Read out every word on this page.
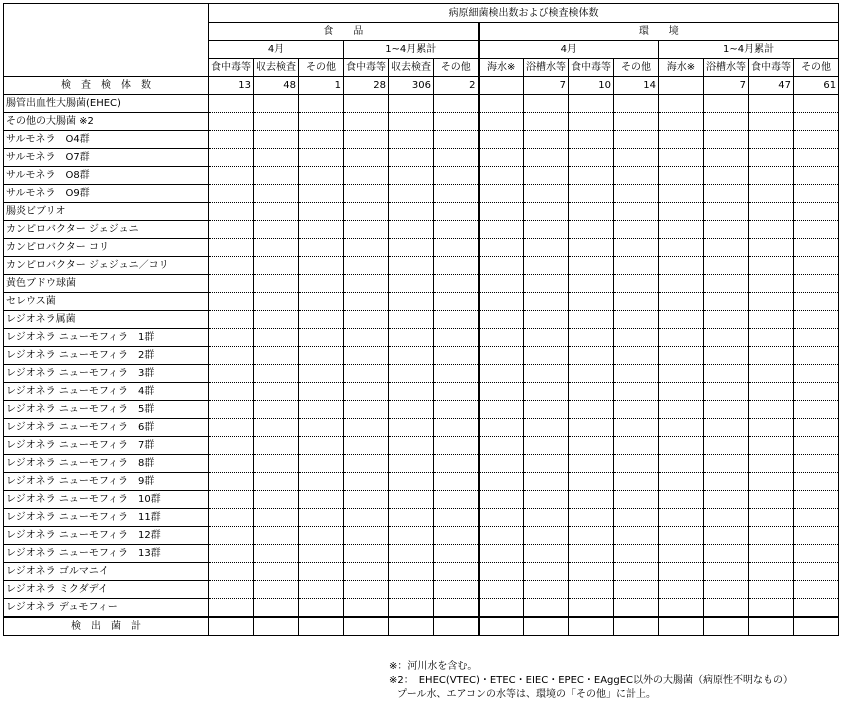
	病原細菌検出数および検査検体数													
	食　　品						環　　境							
	4月			1~4月累計			4月				1~4月累計			
	食中毒等	収去検査	その他	食中毒等	収去検査	その他	海水※	浴槽水等	食中毒等	その他	海水※	浴槽水等	食中毒等	その他
検　査　検　体　数	13	48	1	28	306	2		7	10	14		7	47	61
腸管出血性大腸菌(EHEC)														
その他の大腸菌 ※2														
サルモネラ　O4群														
サルモネラ　O7群														
サルモネラ　O8群														
サルモネラ　O9群														
腸炎ビブリオ														
カンピロバクター ジェジュニ														
カンピロバクター コリ														
カンピロバクター ジェジュニ／コリ														
黄色ブドウ球菌														
セレウス菌														
レジオネラ属菌														
レジオネラ ニューモフィラ　1群														
レジオネラ ニューモフィラ　2群														
レジオネラ ニューモフィラ　3群														
レジオネラ ニューモフィラ　4群														
レジオネラ ニューモフィラ　5群														
レジオネラ ニューモフィラ　6群														
レジオネラ ニューモフィラ　7群														
レジオネラ ニューモフィラ　8群														
レジオネラ ニューモフィラ　9群														
レジオネラ ニューモフィラ　10群														
レジオネラ ニューモフィラ　11群														
レジオネラ ニューモフィラ　12群														
レジオネラ ニューモフィラ　13群														
レジオネラ ゴルマニイ														
レジオネラ ミクダデイ														
レジオネラ デュモフィー														
検　出　菌　計														
※：河川水を含む。
※2：　EHEC(VTEC)・ETEC・EIEC・EPEC・EAggEC以外の大腸菌（病原性不明なもの）
プール水、エアコンの水等は、環境の「その他」に計上。
